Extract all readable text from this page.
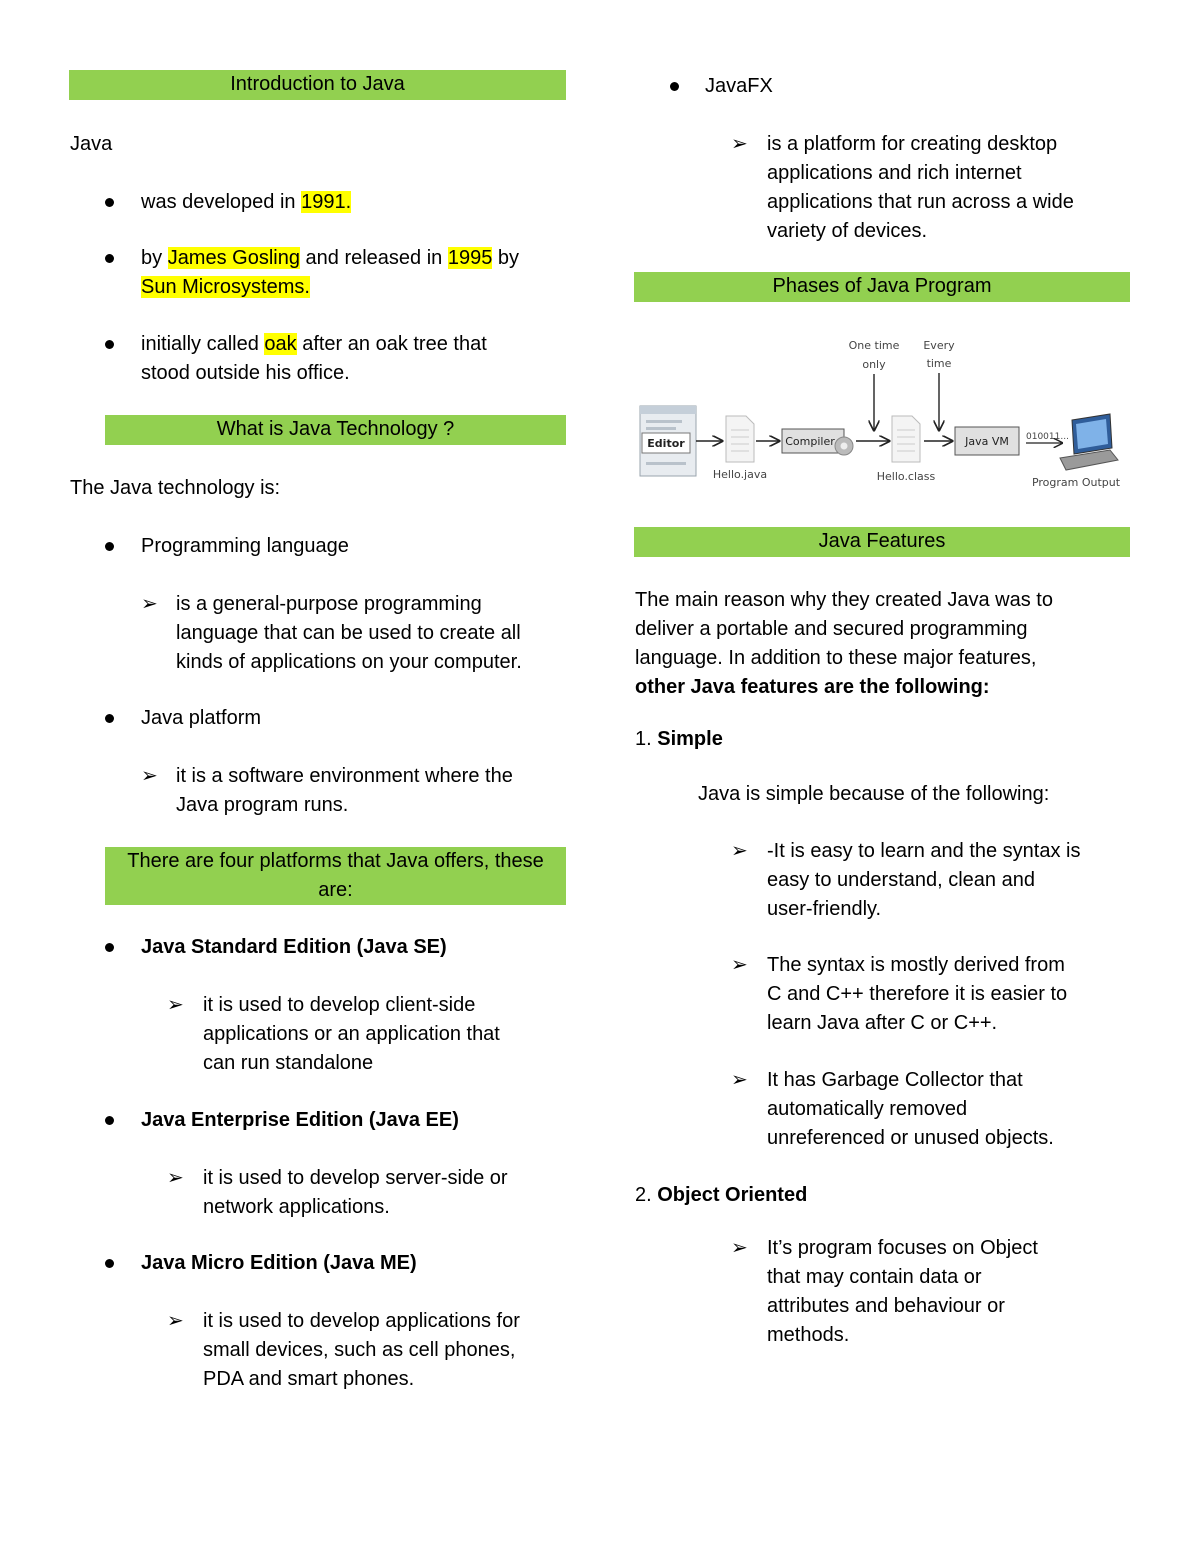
Introduction to Java
Java
was developed in 1991.
by James Gosling and released in 1995 by
Sun Microsystems.
initially called oak after an oak tree that
stood outside his office.
What is Java Technology ?
The Java technology is:
Programming language
➢ is a general-purpose programming
language that can be used to create all
kinds of applications on your computer.
Java platform
➢ it is a software environment where the
Java program runs.
There are four platforms that Java offers, these
are:
Java Standard Edition (Java SE)
➢ it is used to develop client-side
applications or an application that
can run standalone
Java Enterprise Edition (Java EE)
➢ it is used to develop server-side or
network applications.
Java Micro Edition (Java ME)
➢ it is used to develop applications for
small devices, such as cell phones,
PDA and smart phones.
JavaFX
➢ is a platform for creating desktop
applications and rich internet
applications that run across a wide
variety of devices.
Phases of Java Program
Editor
Hello.java
Compiler
One time
only
Hello.class
Every
time
Java VM 010011...
Program Output
Java Features
The main reason why they created Java was to
deliver a portable and secured programming
language. In addition to these major features,
other Java features are the following:
1. Simple
Java is simple because of the following:
➢ -It is easy to learn and the syntax is
easy to understand, clean and
user-friendly.
➢ The syntax is mostly derived from
C and C++ therefore it is easier to
learn Java after C or C++.
➢ It has Garbage Collector that
automatically removed
unreferenced or unused objects.
2. Object Oriented
➢ It’s program focuses on Object
that may contain data or
attributes and behaviour or
methods.
